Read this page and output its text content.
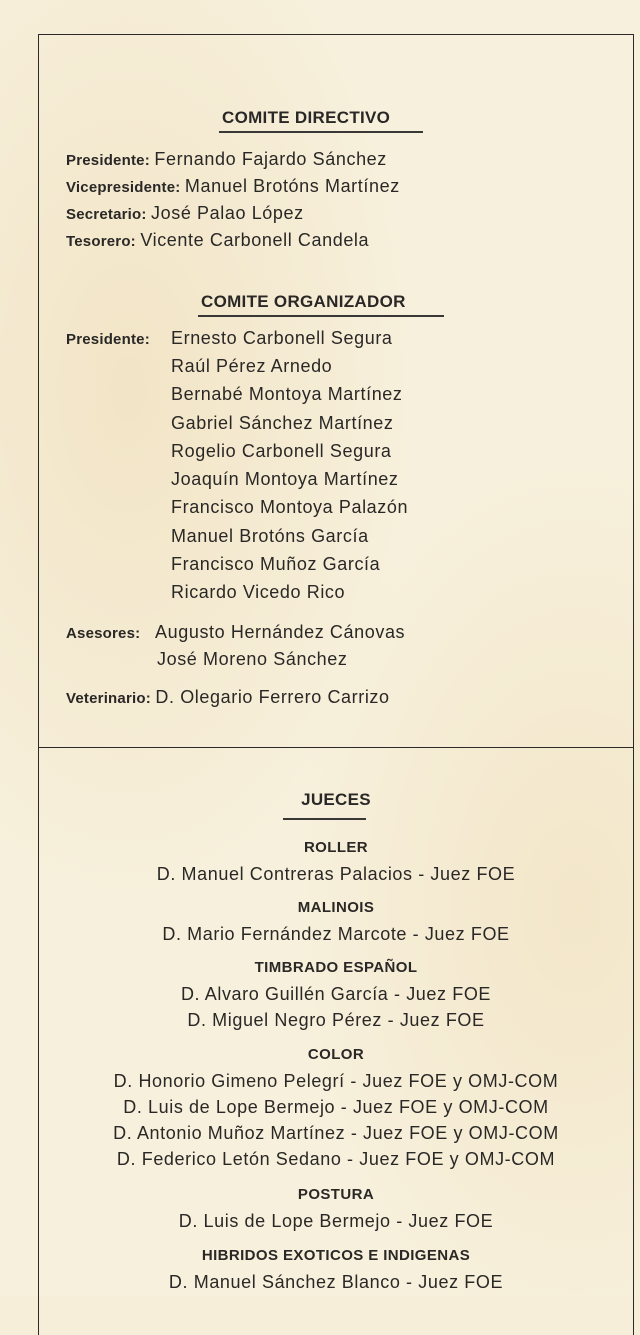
COMITE DIRECTIVO
Presidente: Fernando Fajardo Sánchez
Vicepresidente: Manuel Brotóns Martínez
Secretario: José Palao López
Tesorero: Vicente Carbonell Candela
COMITE ORGANIZADOR
Presidente: Ernesto Carbonell Segura
Raúl Pérez Arnedo
Bernabé Montoya Martínez
Gabriel Sánchez Martínez
Rogelio Carbonell Segura
Joaquín Montoya Martínez
Francisco Montoya Palazón
Manuel Brotóns García
Francisco Muñoz García
Ricardo Vicedo Rico
Asesores: Augusto Hernández Cánovas
José Moreno Sánchez
Veterinario: D. Olegario Ferrero Carrizo
JUECES
ROLLER
D. Manuel Contreras Palacios - Juez FOE
MALINOIS
D. Mario Fernández Marcote - Juez FOE
TIMBRADO ESPAÑOL
D. Alvaro Guillén García - Juez FOE
D. Miguel Negro Pérez - Juez FOE
COLOR
D. Honorio Gimeno Pelegrí - Juez FOE y OMJ-COM
D. Luis de Lope Bermejo - Juez FOE y OMJ-COM
D. Antonio Muñoz Martínez - Juez FOE y OMJ-COM
D. Federico Letón Sedano - Juez FOE y OMJ-COM
POSTURA
D. Luis de Lope Bermejo - Juez FOE
HIBRIDOS EXOTICOS E INDIGENAS
D. Manuel Sánchez Blanco - Juez FOE
